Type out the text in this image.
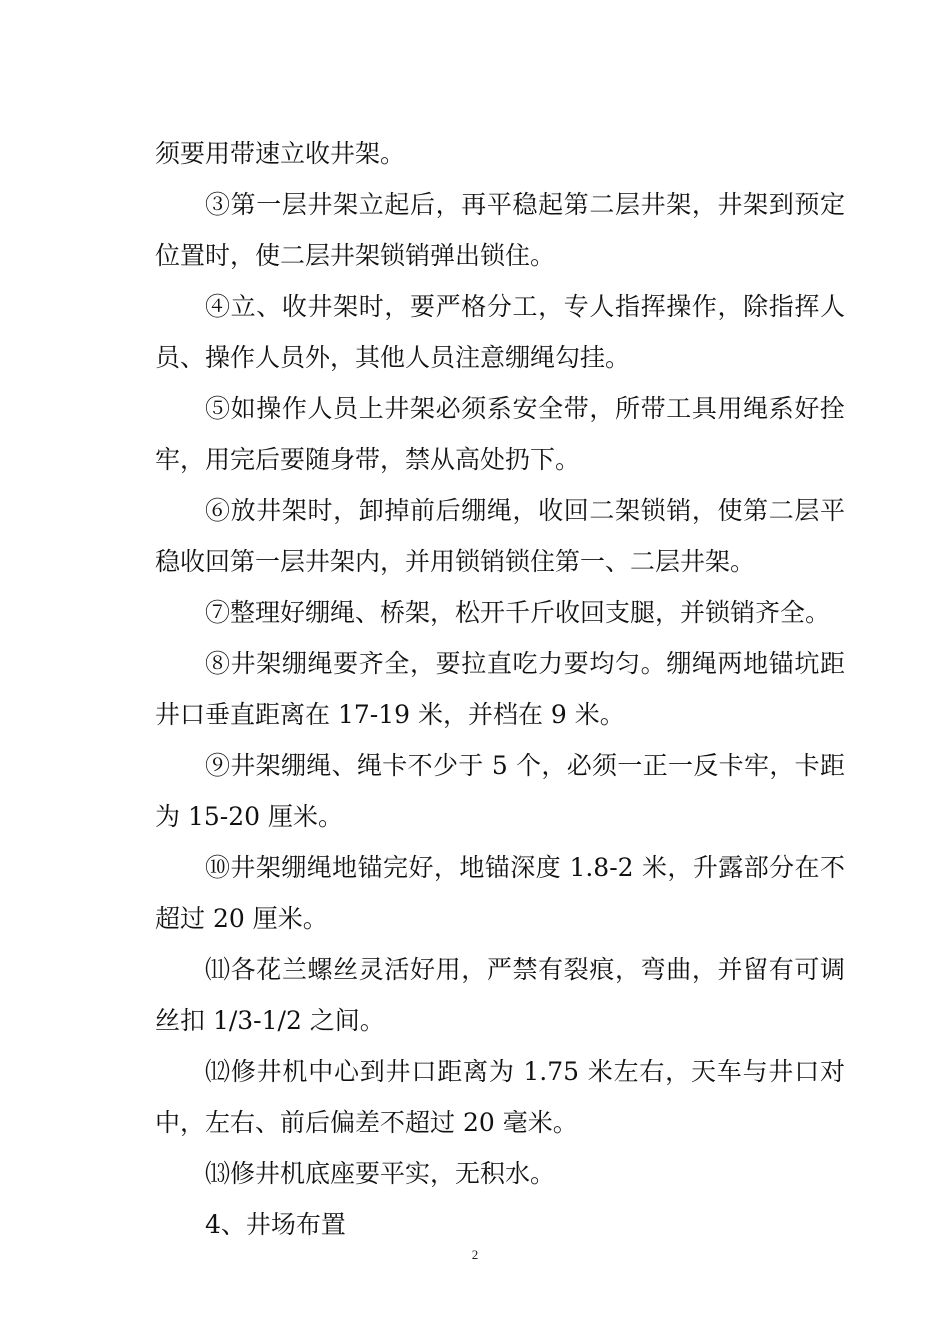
须要用带速立收井架。

③第一层井架立起后，再平稳起第二层井架，井架到预定位置时，使二层井架锁销弹出锁住。

④立、收井架时，要严格分工，专人指挥操作，除指挥人员、操作人员外，其他人员注意绷绳勾挂。

⑤如操作人员上井架必须系安全带，所带工具用绳系好拴牢，用完后要随身带，禁从高处扔下。

⑥放井架时，卸掉前后绷绳，收回二架锁销，使第二层平稳收回第一层井架内，并用锁销锁住第一、二层井架。

⑦整理好绷绳、桥架，松开千斤收回支腿，并锁销齐全。

⑧井架绷绳要齐全，要拉直吃力要均匀。绷绳两地锚坑距井口垂直距离在 17-19 米，并档在 9 米。

⑨井架绷绳、绳卡不少于 5 个，必须一正一反卡牢，卡距为 15-20 厘米。

⑩井架绷绳地锚完好，地锚深度 1.8-2 米，升露部分在不超过 20 厘米。

⑾各花兰螺丝灵活好用，严禁有裂痕，弯曲，并留有可调丝扣 1/3-1/2 之间。

⑿修井机中心到井口距离为 1.75 米左右，天车与井口对中，左右、前后偏差不超过 20 毫米。

⒀修井机底座要平实，无积水。

4、井场布置

2
